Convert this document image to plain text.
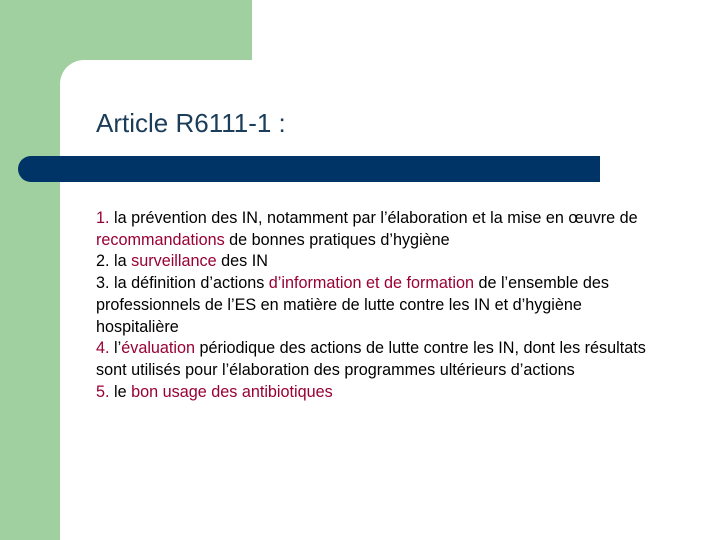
Article R6111-1 :
1. la prévention des IN, notamment par l’élaboration et la mise en œuvre de recommandations de bonnes pratiques d’hygiène
2. la surveillance des IN
3. la définition d’actions d’information et de formation de l’ensemble des professionnels de l’ES en matière de lutte contre les IN et d’hygiène hospitalière
4. l’évaluation périodique des actions de lutte contre les IN, dont les résultats sont utilisés pour l’élaboration des programmes ultérieurs d’actions
5. le bon usage des antibiotiques
